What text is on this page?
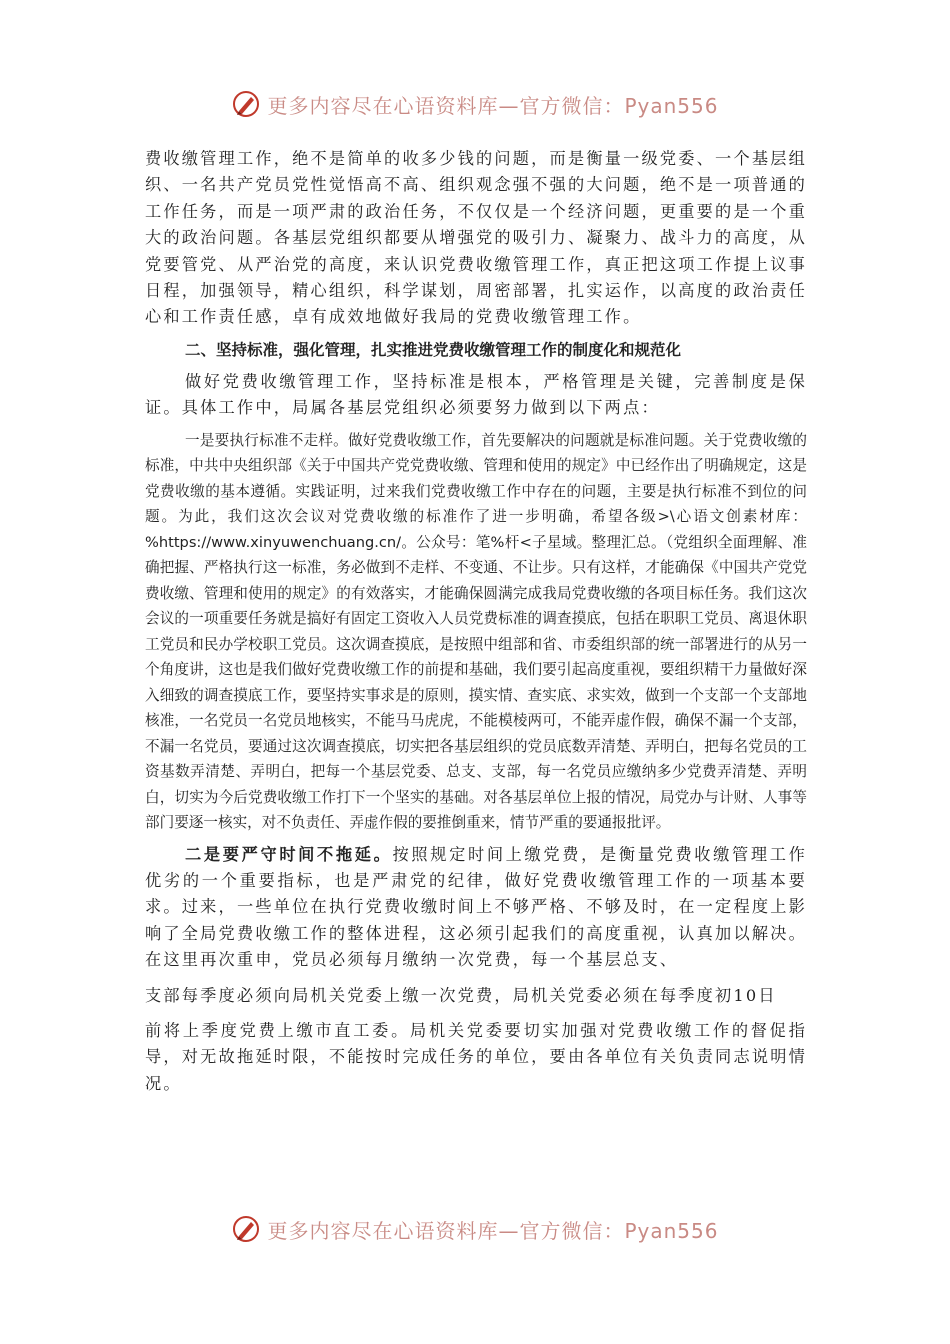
更多内容尽在心语资料库—官方微信：Pyan556

费收缴管理工作，绝不是简单的收多少钱的问题，而是衡量一级党委、一个基层组织、一名共产党员党性觉悟高不高、组织观念强不强的大问题，绝不是一项普通的工作任务，而是一项严肃的政治任务，不仅仅是一个经济问题，更重要的是一个重大的政治问题。各基层党组织都要从增强党的吸引力、凝聚力、战斗力的高度，从党要管党、从严治党的高度，来认识党费收缴管理工作，真正把这项工作提上议事日程，加强领导，精心组织，科学谋划，周密部署，扎实运作，以高度的政治责任心和工作责任感，卓有成效地做好我局的党费收缴管理工作。

二、坚持标准，强化管理，扎实推进党费收缴管理工作的制度化和规范化

做好党费收缴管理工作，坚持标准是根本，严格管理是关键，完善制度是保证。具体工作中，局属各基层党组织必须要努力做到以下两点：

一是要执行标准不走样。做好党费收缴工作，首先要解决的问题就是标准问题。关于党费收缴的标准，中共中央组织部《关于中国共产党党费收缴、管理和使用的规定》中已经作出了明确规定，这是党费收缴的基本遵循。实践证明，过来我们党费收缴工作中存在的问题，主要是执行标准不到位的问题。为此，我们这次会议对党费收缴的标准作了进一步明确，希望各级>\心语文创素材库：%https://www.xinyuwenchuang.cn/。公众号：笔%杆<子星域。整理汇总。（党组织全面理解、准确把握、严格执行这一标准，务必做到不走样、不变通、不让步。只有这样，才能确保《中国共产党党费收缴、管理和使用的规定》的有效落实，才能确保圆满完成我局党费收缴的各项目标任务。我们这次会议的一项重要任务就是搞好有固定工资收入人员党费标准的调查摸底，包括在职职工党员、离退休职工党员和民办学校职工党员。这次调查摸底，是按照中组部和省、市委组织部的统一部署进行的从另一个角度讲，这也是我们做好党费收缴工作的前提和基础，我们要引起高度重视，要组织精干力量做好深入细致的调查摸底工作，要坚持实事求是的原则，摸实情、查实底、求实效，做到一个支部一个支部地核准，一名党员一名党员地核实，不能马马虎虎，不能模棱两可，不能弄虚作假，确保不漏一个支部，不漏一名党员，要通过这次调查摸底，切实把各基层组织的党员底数弄清楚、弄明白，把每名党员的工资基数弄清楚、弄明白，把每一个基层党委、总支、支部，每一名党员应缴纳多少党费弄清楚、弄明白，切实为今后党费收缴工作打下一个坚实的基础。对各基层单位上报的情况，局党办与计财、人事等部门要逐一核实，对不负责任、弄虚作假的要推倒重来，情节严重的要通报批评。

二是要严守时间不拖延。按照规定时间上缴党费，是衡量党费收缴管理工作优劣的一个重要指标，也是严肃党的纪律，做好党费收缴管理工作的一项基本要求。过来，一些单位在执行党费收缴时间上不够严格、不够及时，在一定程度上影响了全局党费收缴工作的整体进程，这必须引起我们的高度重视，认真加以解决。在这里再次重申，党员必须每月缴纳一次党费，每一个基层总支、

支部每季度必须向局机关党委上缴一次党费，局机关党委必须在每季度初10日

前将上季度党费上缴市直工委。局机关党委要切实加强对党费收缴工作的督促指导，对无故拖延时限，不能按时完成任务的单位，要由各单位有关负责同志说明情况。

更多内容尽在心语资料库—官方微信：Pyan556
